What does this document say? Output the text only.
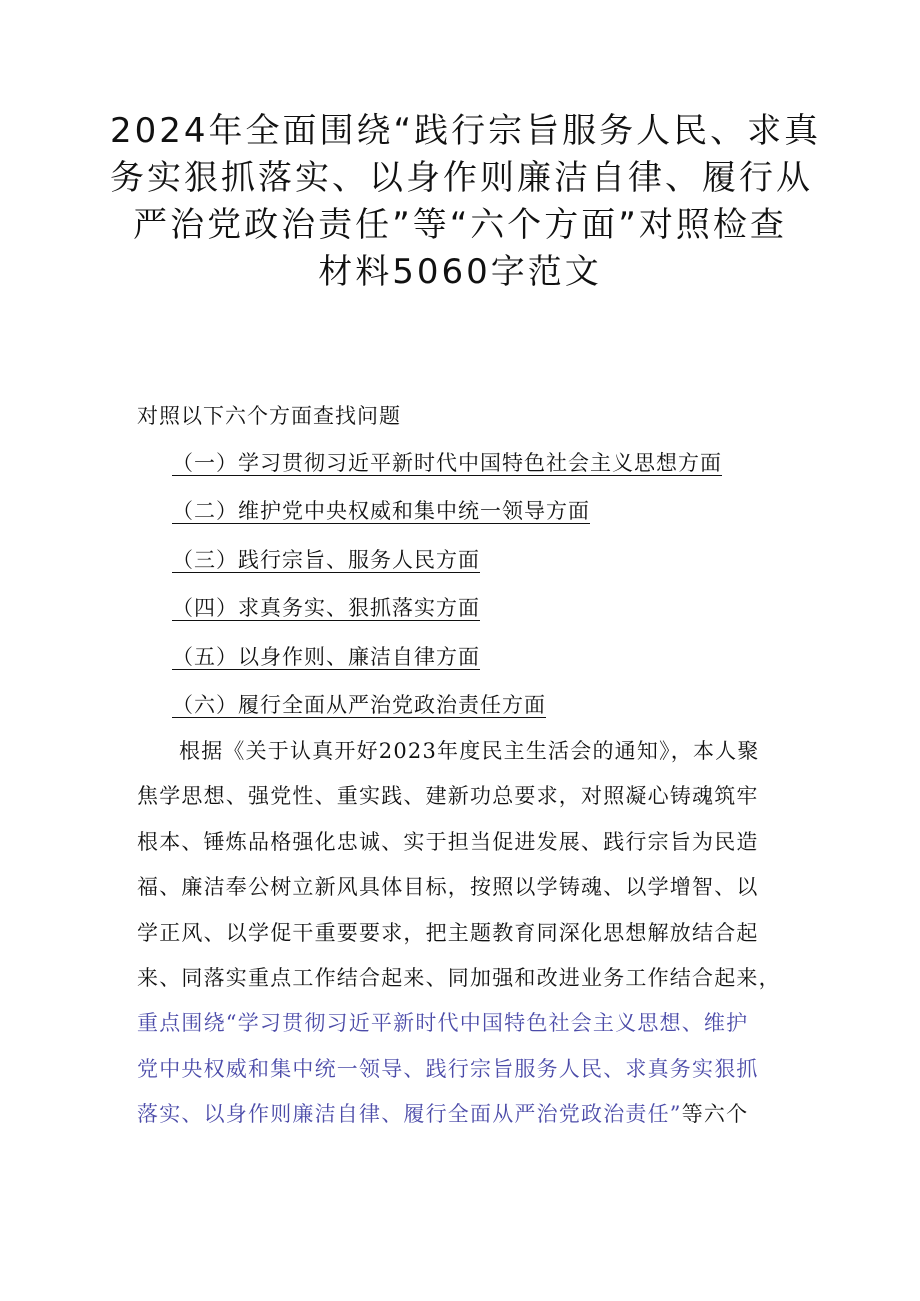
2024年全面围绕“践行宗旨服务人民、求真
务实狠抓落实、以身作则廉洁自律、履行从
严治党政治责任”等“六个方面”对照检查
材料5060字范文
对照以下六个方面查找问题
（一）学习贯彻习近平新时代中国特色社会主义思想方面
（二）维护党中央权威和集中统一领导方面
（三）践行宗旨、服务人民方面
（四）求真务实、狠抓落实方面
（五）以身作则、廉洁自律方面
（六）履行全面从严治党政治责任方面
根据《关于认真开好2023年度民主生活会的通知》，本人聚
焦学思想、强党性、重实践、建新功总要求，对照凝心铸魂筑牢
根本、锤炼品格强化忠诚、实于担当促进发展、践行宗旨为民造
福、廉洁奉公树立新风具体目标，按照以学铸魂、以学增智、以
学正风、以学促干重要要求，把主题教育同深化思想解放结合起
来、同落实重点工作结合起来、同加强和改进业务工作结合起来，
重点围绕“学习贯彻习近平新时代中国特色社会主义思想、维护
党中央权威和集中统一领导、践行宗旨服务人民、求真务实狠抓
落实、以身作则廉洁自律、履行全面从严治党政治责任”等六个
